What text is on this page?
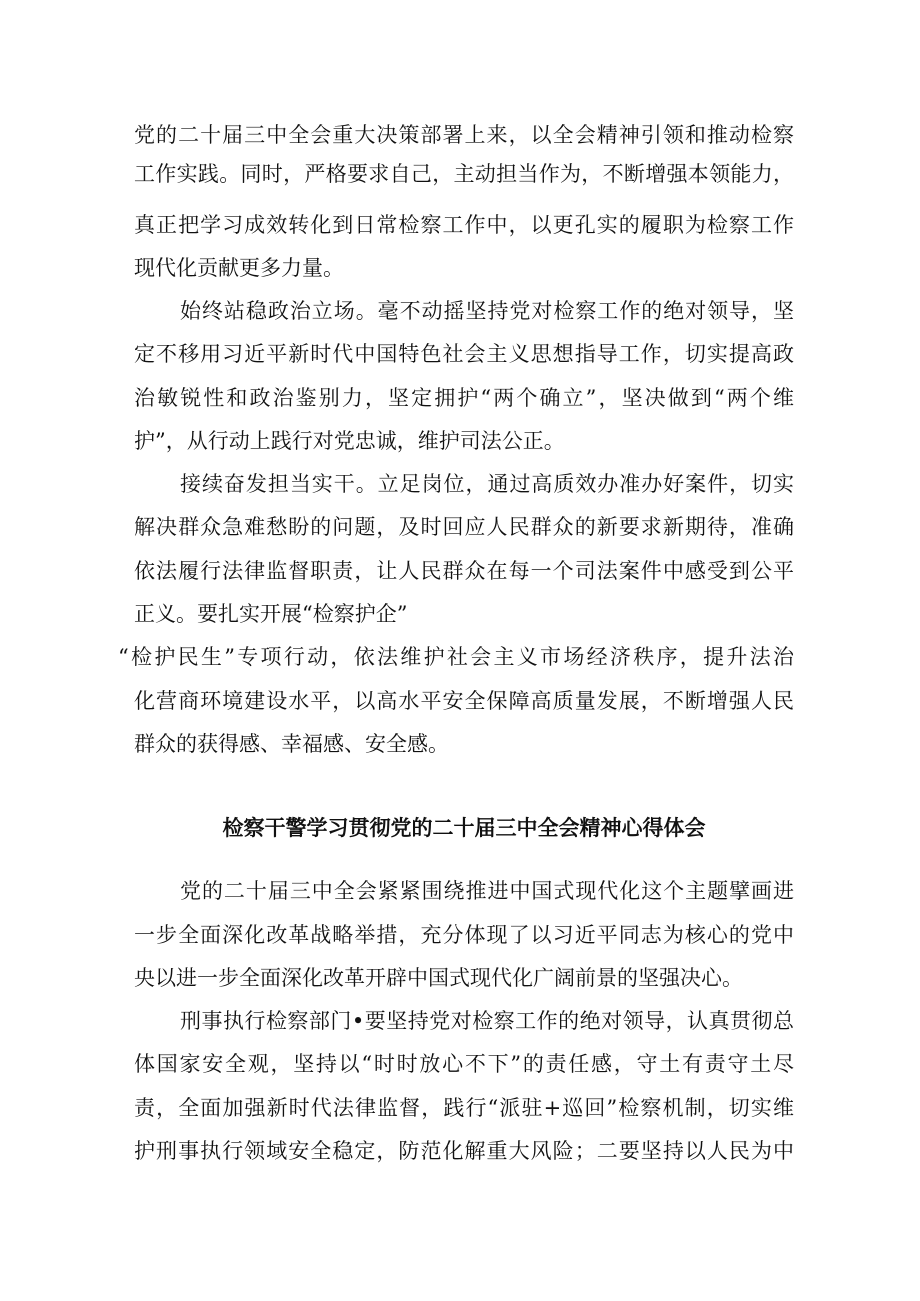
党的二十届三中全会重大决策部署上来，以全会精神引领和推动检察
工作实践。同时，严格要求自己，主动担当作为，不断增强本领能力，
真正把学习成效转化到日常检察工作中，以更孔实的履职为检察工作
现代化贡献更多力量。
始终站稳政治立场。毫不动摇坚持党对检察工作的绝对领导，坚
定不移用习近平新时代中国特色社会主义思想指导工作，切实提高政
治敏锐性和政治鉴别力，坚定拥护“两个确立”，坚决做到“两个维
护”，从行动上践行对党忠诚，维护司法公正。
接续奋发担当实干。立足岗位，通过高质效办准办好案件，切实
解决群众急难愁盼的问题，及时回应人民群众的新要求新期待，准确
依法履行法律监督职责，让人民群众在每一个司法案件中感受到公平
正义。要扎实开展“检察护企”
“检护民生”专项行动，依法维护社会主义市场经济秩序，提升法治
化营商环境建设水平，以高水平安全保障高质量发展，不断增强人民
群众的获得感、幸福感、安全感。
检察干警学习贯彻党的二十届三中全会精神心得体会
党的二十届三中全会紧紧围绕推进中国式现代化这个主题擘画进
一步全面深化改革战略举措，充分体现了以习近平同志为核心的党中
央以进一步全面深化改革开辟中国式现代化广阔前景的坚强决心。
刑事执行检察部门•要坚持党对检察工作的绝对领导，认真贯彻总
体国家安全观，坚持以“时时放心不下”的责任感，守土有责守土尽
责，全面加强新时代法律监督，践行“派驻+巡回”检察机制，切实维
护刑事执行领域安全稳定，防范化解重大风险；二要坚持以人民为中
